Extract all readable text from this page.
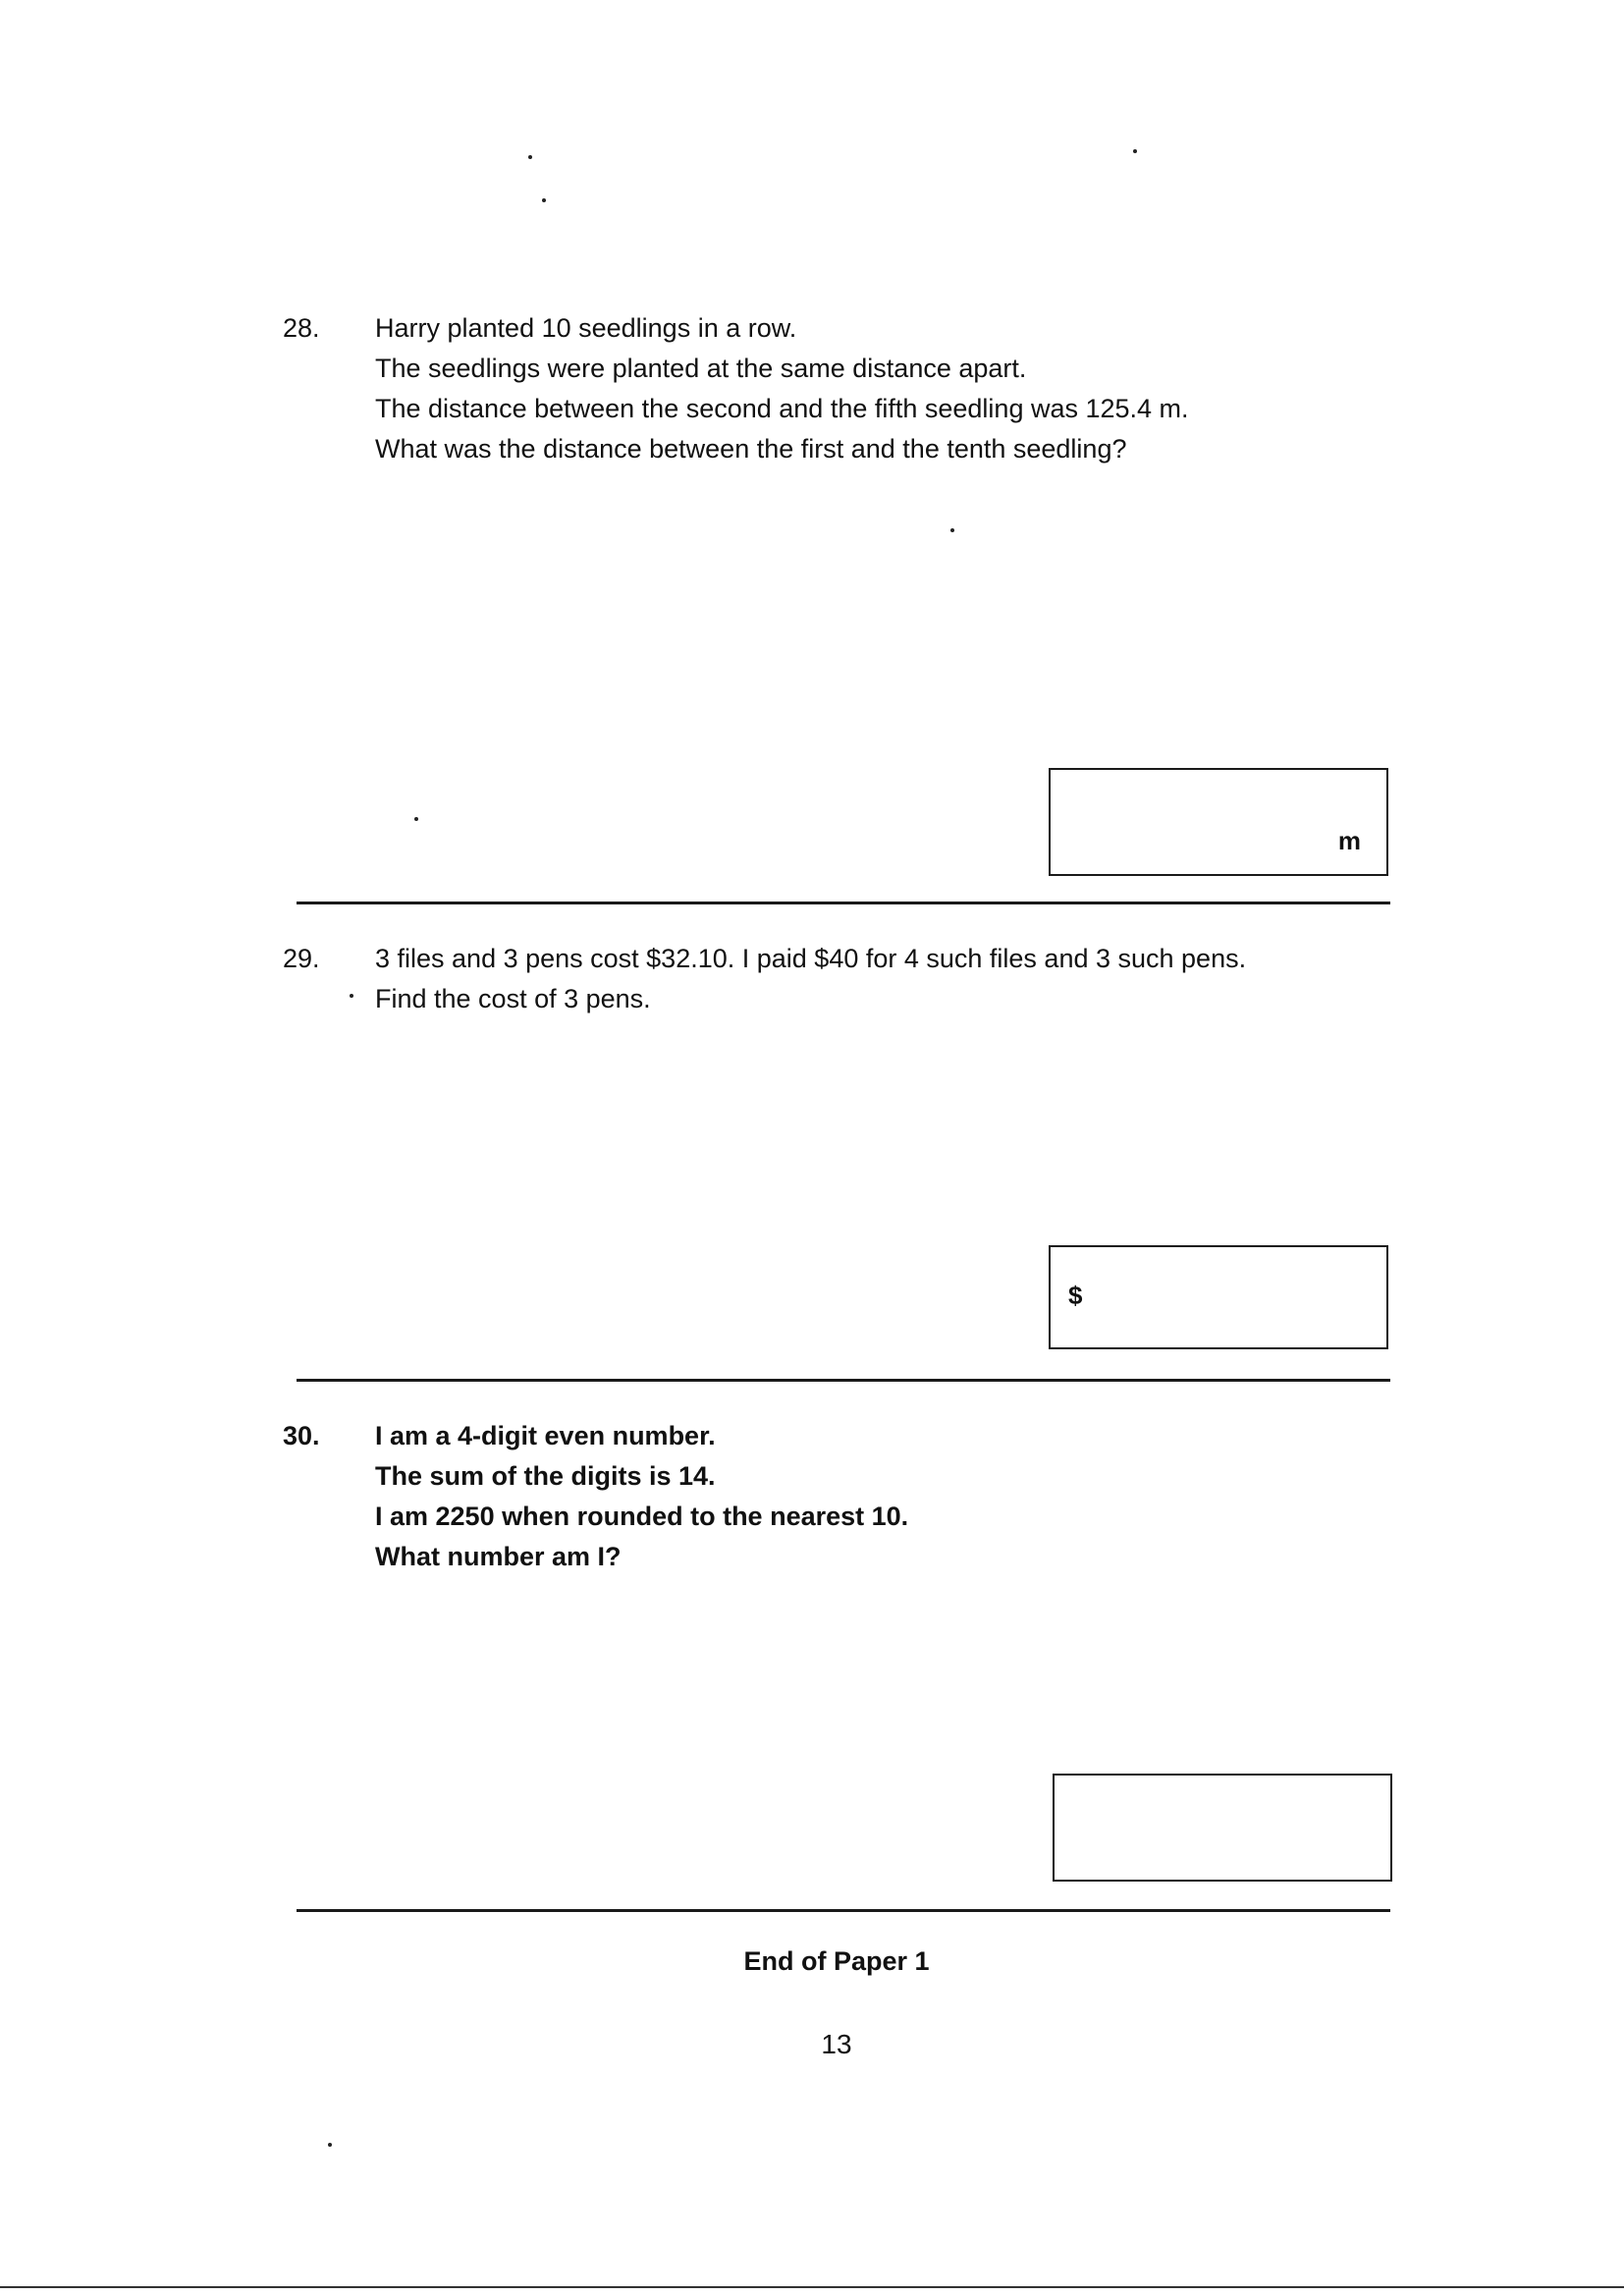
28. Harry planted 10 seedlings in a row.
The seedlings were planted at the same distance apart.
The distance between the second and the fifth seedling was 125.4 m.
What was the distance between the first and the tenth seedling?
m
29. 3 files and 3 pens cost $32.10. I paid $40 for 4 such files and 3 such pens.
Find the cost of 3 pens.
$
30. I am a 4-digit even number.
The sum of the digits is 14.
I am 2250 when rounded to the nearest 10.
What number am I?
End of Paper 1
13
